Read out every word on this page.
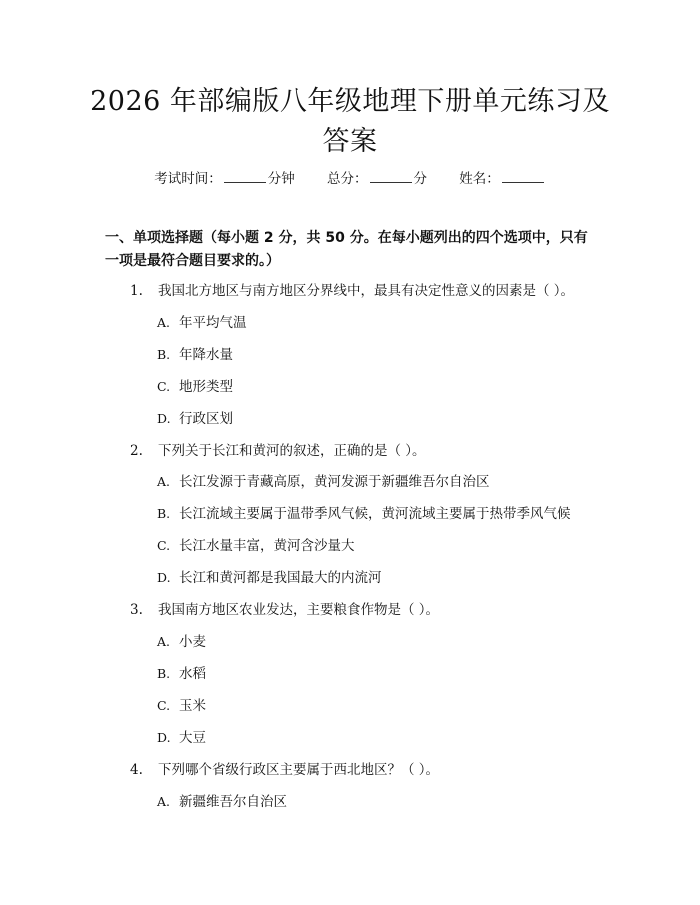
2026 年部编版八年级地理下册单元练习及答案
考试时间：	分钟 总分：	分 姓名：
一、单项选择题（每小题 2 分，共 50 分。在每小题列出的四个选项中，只有一项是最符合题目要求的。）
1. 我国北方地区与南方地区分界线中，最具有决定性意义的因素是（ ）。
A. 年平均气温
B. 年降水量
C. 地形类型
D. 行政区划
2. 下列关于长江和黄河的叙述，正确的是（ ）。
A. 长江发源于青藏高原，黄河发源于新疆维吾尔自治区
B. 长江流域主要属于温带季风气候，黄河流域主要属于热带季风气候
C. 长江水量丰富，黄河含沙量大
D. 长江和黄河都是我国最大的内流河
3. 我国南方地区农业发达，主要粮食作物是（ ）。
A. 小麦
B. 水稻
C. 玉米
D. 大豆
4. 下列哪个省级行政区主要属于西北地区？（ ）。
A. 新疆维吾尔自治区
